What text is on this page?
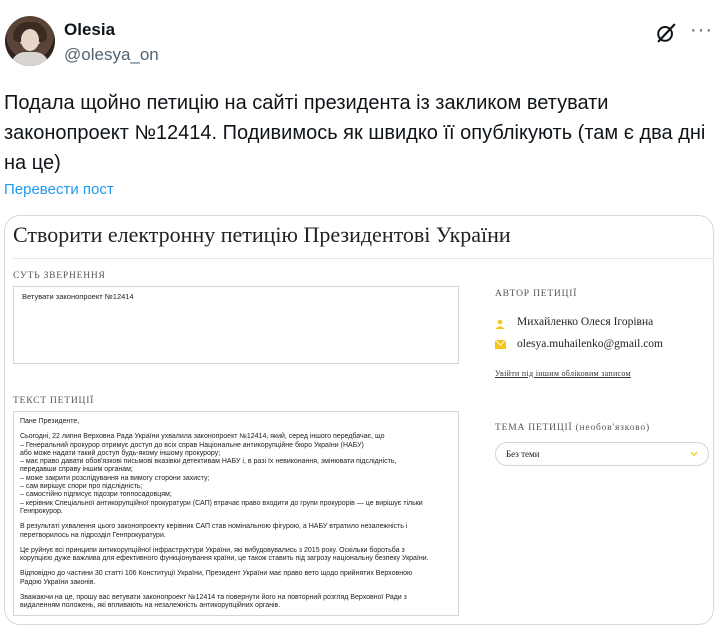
Olesia
@olesya_on
···
Подала щойно петицію на сайті президента із закликом ветувати законопроект №12414. Подивимось як швидко її опублікують (там є два дні на це)
Перевести пост
Створити електронну петицію Президентові України
СУТЬ ЗВЕРНЕННЯ
Ветувати законопроект №12414
ТЕКСТ ПЕТИЦІЇ

Пане Президенте,

Сьогодні, 22 липня Верховна Рада України ухвалила законопроект №12414, який, серед іншого передбачає, що
– Генеральний прокурор отримує доступ до всіх справ Національне антикорупційне бюро України (НАБУ)
або може надати такий доступ будь-якому іншому прокурору;
– має право давати обов'язкові письмові вказівки детективам НАБУ і, в разі їх невиконання, змінювати підслідність,
передавши справу іншим органам;
– може закрити розслідування на вимогу сторони захисту;
– сам вирішує спори про підслідність;
– самостійно підписує підозри топпосадовцям;
– керівник Спеціальної антикорупційної прокуратури (САП) втрачає право входити до групи прокурорів — це вирішує тільки
Генпрокурор.

В результаті ухвалення цього законопроекту керівник САП став номінальною фігурою, а НАБУ втратило незалежність і
перетворилось на підрозділ Генпрокуратури.

Це руйнує всі принципи антикорупційної інфраструктури України, які вибудовувались з 2015 року. Оскільки боротьба з
корупцією дуже важлива для ефективного функціонування країни, це також ставить під загрозу національну безпеку України.

Відповідно до частини 30 статті 106 Конституції України, Президент України має право вето щодо прийнятих Верховною
Радою України законів.

Зважаючи на це, прошу вас ветувати законопроект №12414 та повернути його на повторний розгляд Верховної Ради з
видаленням положень, які впливають на незалежність антикорупційних органів.

АВТОР ПЕТИЦІЇ
Михайленко Олеся Ігорівна
olesya.muhailenko@gmail.com
Увійти під іншим обліковим записом
ТЕМА ПЕТИЦІЇ (необов'язково)
Без теми
